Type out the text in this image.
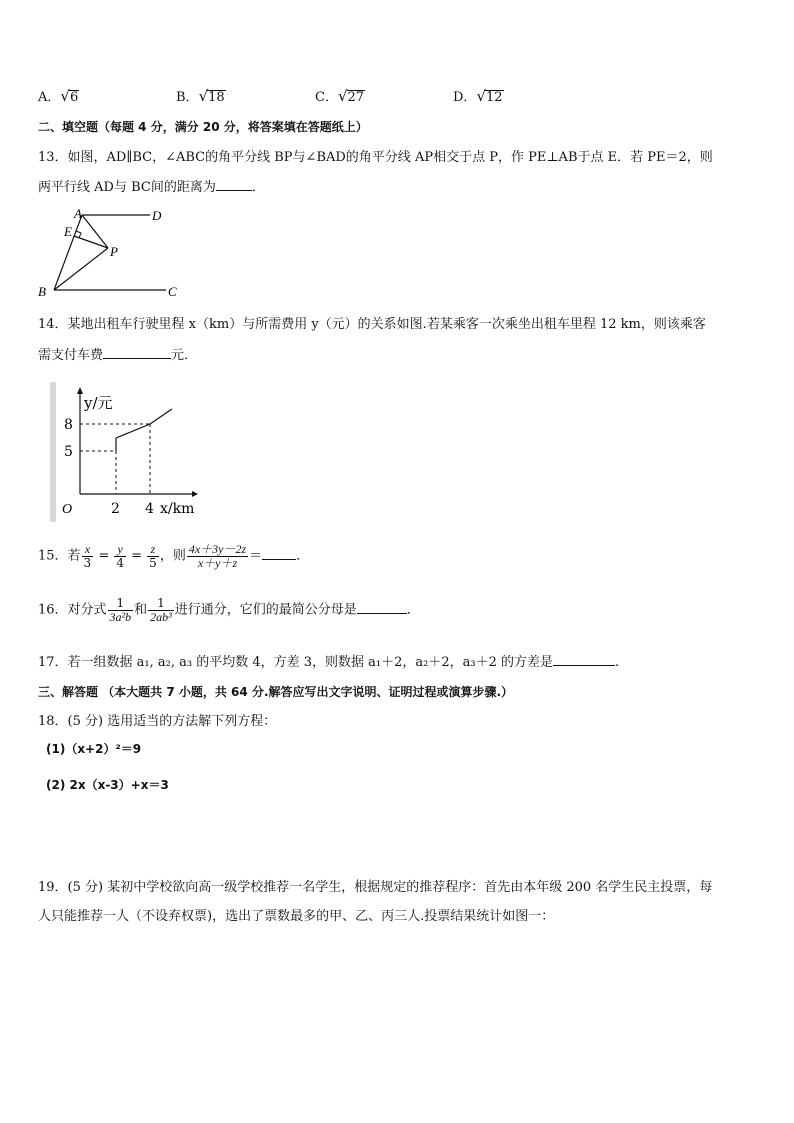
A．√6	B．√18	C．√27	D．√12
二、填空题（每题 4 分，满分 20 分，将答案填在答题纸上）
13．如图，AD∥BC，∠ABC的角平分线 BP与∠BAD的角平分线 AP相交于点 P，作 PE⊥AB于点 E．若 PE＝2，则
两平行线 AD与 BC间的距离为	．
A	D
E
P
B	C
14．某地出租车行驶里程 x（km）与所需费用 y（元）的关系如图.若某乘客一次乘坐出租车里程 12 km，则该乘客
需支付车费	元．
y/元
8
5
O	2 4 x/km
15．若 $\frac{x}{3} = \frac{y}{4} = \frac{z}{5}$ ，则 $\frac{4x+3y-2z}{x+y+z}$ ＝	．
16．对分式 $\frac{1}{\text{3a²b}}$ 和 $\frac{1}{\text{2ab³}}$ 进行通分，它们的最简公分母是	．
17．若一组数据 a₁, a₂, a₃ 的平均数 4，方差 3，则数据 a₁＋2，a₂＋2，a₃＋2 的方差是	.
三、解答题 （本大题共 7 小题，共 64 分.解答应写出文字说明、证明过程或演算步骤.）
18．(5 分) 选用适当的方法解下列方程：
(1)（x+2）²＝9
(2) 2x（x-3）+x＝3
19．(5 分) 某初中学校欲向高一级学校推荐一名学生，根据规定的推荐程序：首先由本年级 200 名学生民主投票，每
人只能推荐一人（不设弃权票)，选出了票数最多的甲、乙、丙三人.投票结果统计如图一：
